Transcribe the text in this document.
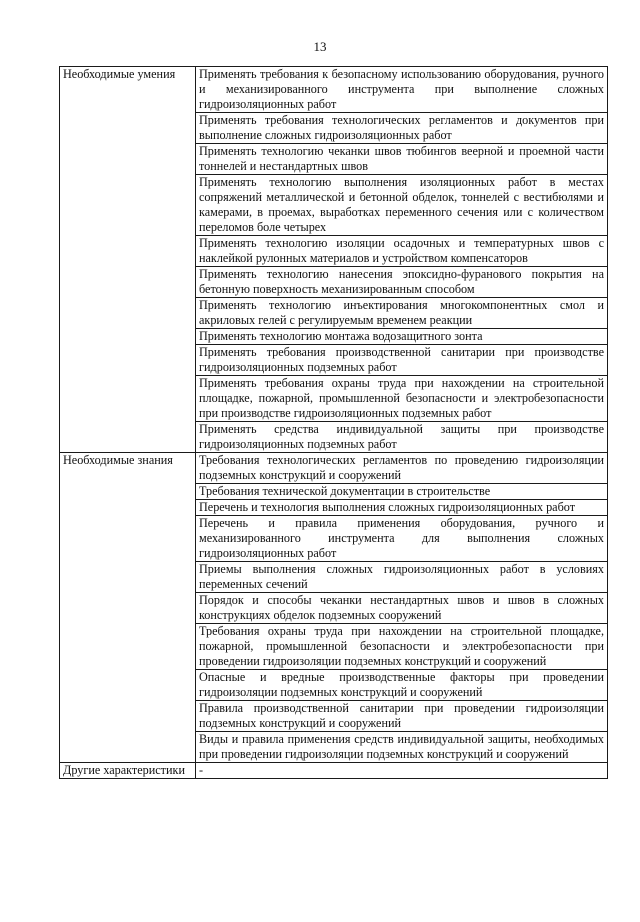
13
Необходимые умения	Применять требования к безопасному использованию оборудования, ручного и механизированного инструмента при выполнение сложных гидроизоляционных работ
	Применять требования технологических регламентов и документов при выполнение сложных гидроизоляционных работ
	Применять технологию чеканки швов тюбингов веерной и проемной части тоннелей и нестандартных швов
	Применять технологию выполнения изоляционных работ в местах сопряжений металлической и бетонной обделок, тоннелей с вестибюлями и камерами, в проемах, выработках переменного сечения или с количеством переломов боле четырех
	Применять технологию изоляции осадочных и температурных швов с наклейкой рулонных материалов и устройством компенсаторов
	Применять технологию нанесения эпоксидно-фуранового покрытия на бетонную поверхность механизированным способом
	Применять технологию инъектирования многокомпонентных смол и акриловых гелей с регулируемым временем реакции
	Применять технологию монтажа водозащитного зонта
	Применять требования производственной санитарии при производстве гидроизоляционных подземных работ
	Применять требования охраны труда при нахождении на строительной площадке, пожарной, промышленной безопасности и электробезопасности при производстве гидроизоляционных подземных работ
	Применять средства индивидуальной защиты при производстве гидроизоляционных подземных работ
Необходимые знания	Требования технологических регламентов по проведению гидроизоляции подземных конструкций и сооружений
	Требования технической документации в строительстве
	Перечень и технология выполнения сложных гидроизоляционных работ
	Перечень и правила применения оборудования, ручного и механизированного инструмента для выполнения сложных гидроизоляционных работ
	Приемы выполнения сложных гидроизоляционных работ в условиях переменных сечений
	Порядок и способы чеканки нестандартных швов и швов в сложных конструкциях обделок подземных сооружений
	Требования охраны труда при нахождении на строительной площадке, пожарной, промышленной безопасности и электробезопасности при проведении гидроизоляции подземных конструкций и сооружений
	Опасные и вредные производственные факторы при проведении гидроизоляции подземных конструкций и сооружений
	Правила производственной санитарии при проведении гидроизоляции подземных конструкций и сооружений
	Виды и правила применения средств индивидуальной защиты, необходимых при проведении гидроизоляции подземных конструкций и сооружений
Другие характеристики	-
